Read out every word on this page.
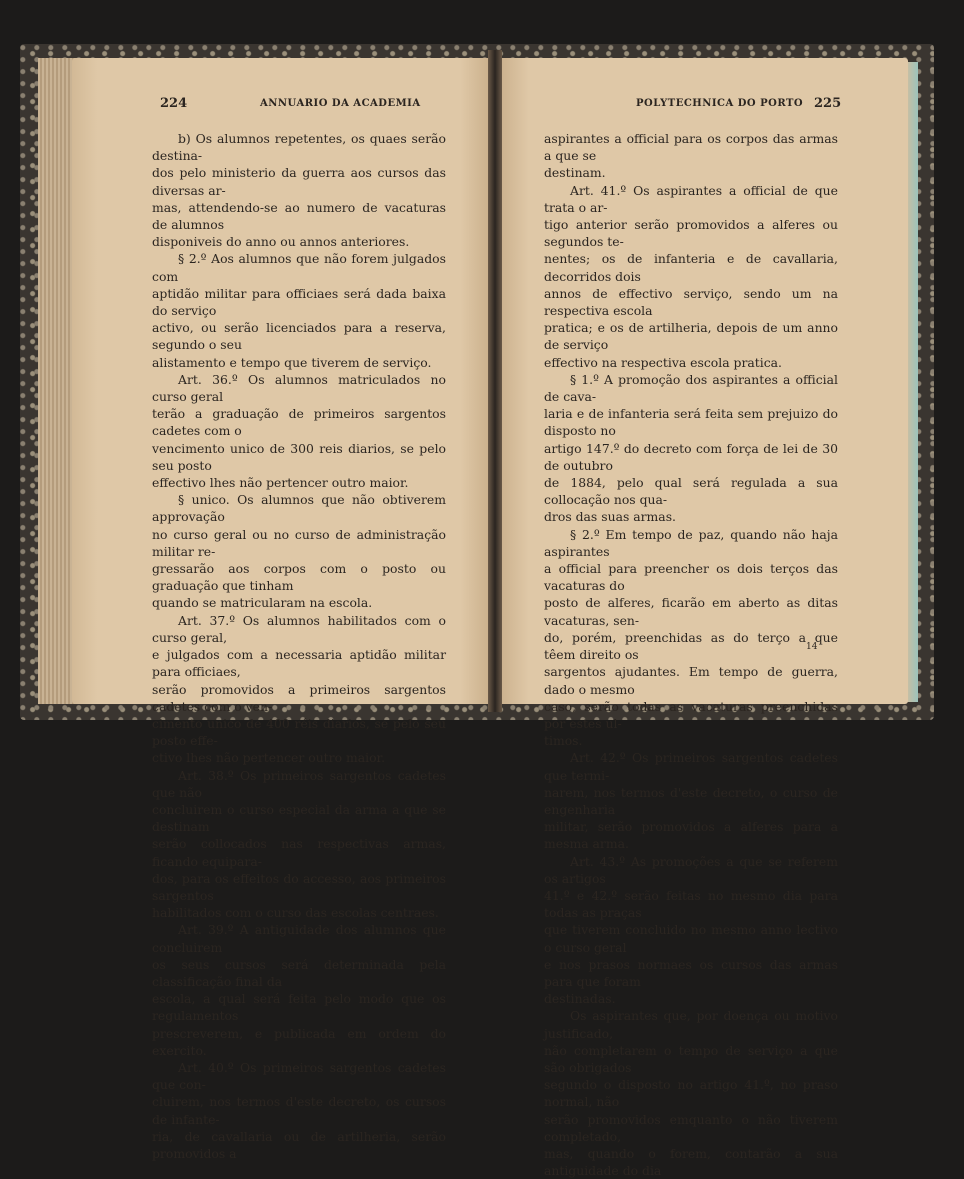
224	ANNUARIO DA ACADEMIA

b) Os alumnos repetentes, os quaes serão destina-

dos pelo ministerio da guerra aos cursos das diversas ar-

mas, attendendo-se ao numero de vacaturas de alumnos

disponiveis do anno ou annos anteriores.

§ 2.º Aos alumnos que não forem julgados com

aptidão militar para officiaes será dada baixa do serviço

activo, ou serão licenciados para a reserva, segundo o seu

alistamento e tempo que tiverem de serviço.

Art. 36.º Os alumnos matriculados no curso geral

terão a graduação de primeiros sargentos cadetes com o

vencimento unico de 300 reis diarios, se pelo seu posto

effectivo lhes não pertencer outro maior.

§ unico. Os alumnos que não obtiverem approvação

no curso geral ou no curso de administração militar re-

gressarão aos corpos com o posto ou graduação que tinham

quando se matricularam na escola.

Art. 37.º Os alumnos habilitados com o curso geral,

e julgados com a necessaria aptidão militar para officiaes,

serão promovidos a primeiros sargentos cadetes com o ven-

cimento unico de 400 réis diarios, se pelo seu posto effe-

ctivo lhes não pertencer outro maior.

Art. 38.º Os primeiros sargentos cadetes que não

concluirem o curso especial da arma a que se destinam

serão collocados nas respectivas armas, ficando equipara-

dos, para os effeitos do accesso, aos primeiros sargentos

habilitados com o curso das escolas centraes.

Art. 39.º A antiguidade dos alumnos que concluirem

os seus cursos será determinada pela classificação final da

escola, a qual será feita pelo modo que os regulamentos

prescreverem, e publicada em ordem do exercito.

Art. 40.º Os primeiros sargentos cadetes que con-

cluirem, nos termos d'este decreto, os cursos de infante-

ria, de cavallaria ou de artilheria, serão promovidos a

POLYTECHNICA DO PORTO 225

aspirantes a official para os corpos das armas a que se

destinam.

Art. 41.º Os aspirantes a official de que trata o ar-

tigo anterior serão promovidos a alferes ou segundos te-

nentes; os de infanteria e de cavallaria, decorridos dois

annos de effectivo serviço, sendo um na respectiva escola

pratica; e os de artilheria, depois de um anno de serviço

effectivo na respectiva escola pratica.

§ 1.º A promoção dos aspirantes a official de cava-

laria e de infanteria será feita sem prejuizo do disposto no

artigo 147.º do decreto com força de lei de 30 de outubro

de 1884, pelo qual será regulada a sua collocação nos qua-

dros das suas armas.

§ 2.º Em tempo de paz, quando não haja aspirantes

a official para preencher os dois terços das vacaturas do

posto de alferes, ficarão em aberto as ditas vacaturas, sen-

do, porém, preenchidas as do terço a que têem direito os

sargentos ajudantes. Em tempo de guerra, dado o mesmo

caso, serão todas as vacaturas preenchidas por estes ul-

timos.

Art. 42.º Os primeiros sargentos cadetes que termi-

narem, nos termos d'este decreto, o curso de engenharia

militar, serão promovidos a alferes para a mesma arma.

Art. 43.º As promoções a que se referem os artigos

41.º e 42.º serão feitas no mesmo dia para todas as praças

que tiverem concluido no mesmo anno lectivo o curso geral

e nos prasos normaes os cursos das armas para que foram

destinadas.

Os aspirantes que, por doença ou motivo justificado,

não completarem o tempo de serviço a que são obrigados

segundo o disposto no artigo 41.º, no praso normal, não

serão promovidos emquanto o não tiverem completado,

mas, quando o forem, contarão a sua antiguidade do dia

14
